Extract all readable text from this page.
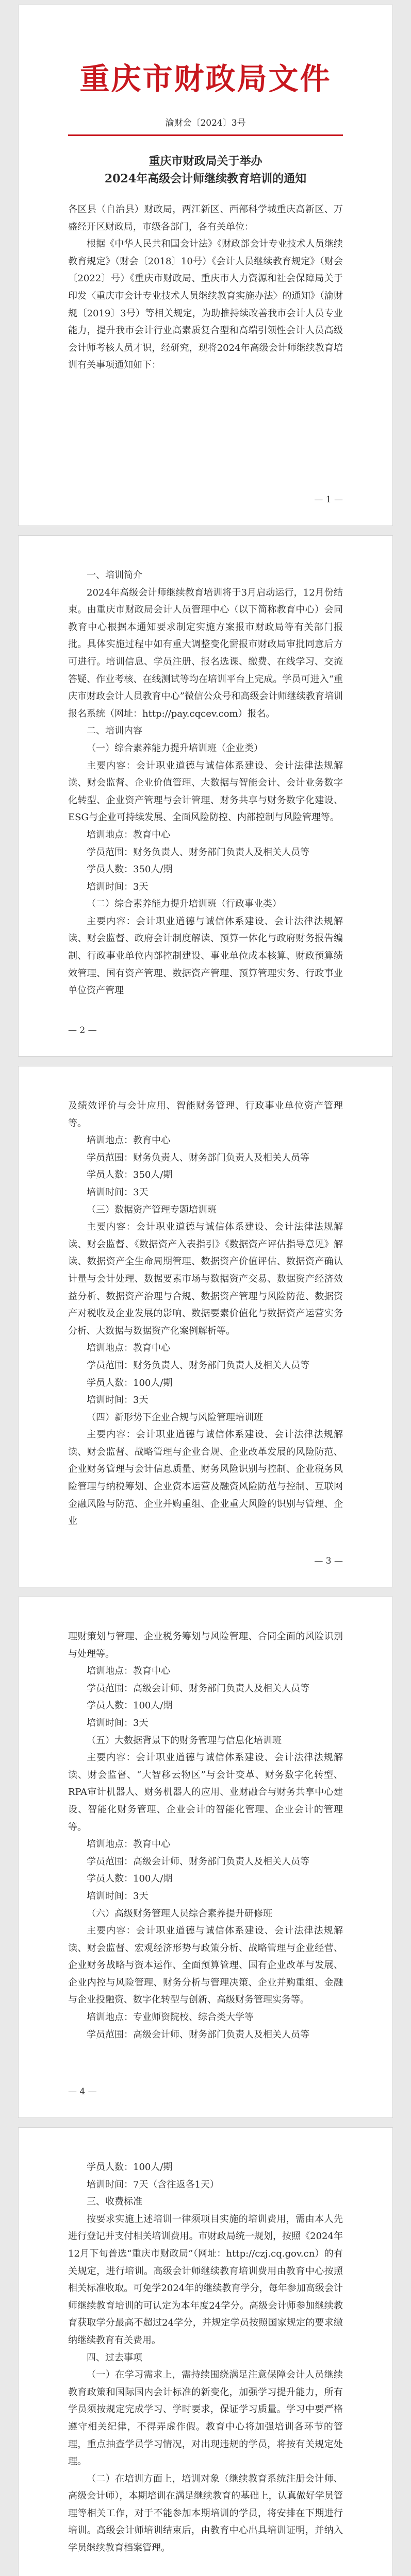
重庆市财政局文件
渝财会〔2024〕3号
重庆市财政局关于举办
2024年高级会计师继续教育培训的通知

各区县（自治县）财政局，两江新区、西部科学城重庆高新区、万盛经开区财政局，市级各部门，各有关单位：

根据《中华人民共和国会计法》《财政部会计专业技术人员继续教育规定》（财会〔2018〕10号）《会计人员继续教育规定》（财会〔2022〕号）《重庆市财政局、重庆市人力资源和社会保障局关于印发〈重庆市会计专业技术人员继续教育实施办法〉的通知》（渝财规〔2019〕3号）等相关规定，为助推持续改善我市会计人员专业能力，提升我市会计行业高素质复合型和高端引领性会计人员高级会计师考核人员才识，经研究，现将2024年高级会计师继续教育培训有关事项通知如下：

— 1 —

一、培训简介

2024年高级会计师继续教育培训将于3月启动运行，12月份结束。由重庆市财政局会计人员管理中心（以下简称教育中心）会同教育中心根据本通知要求制定实施方案报市财政局等有关部门报批。具体实施过程中如有重大调整变化需报市财政局审批同意后方可进行。培训信息、学员注册、报名选课、缴费、在线学习、交流答疑、作业考核、在线测试等均在培训平台上完成。学员可进入“重庆市财政会计人员教育中心”微信公众号和高级会计师继续教育培训报名系统（网址：http://pay.cqcev.com）报名。

二、培训内容

（一）综合素养能力提升培训班（企业类）

主要内容：会计职业道德与诚信体系建设、会计法律法规解读、财会监督、企业价值管理、大数据与智能会计、会计业务数字化转型、企业资产管理与会计管理、财务共享与财务数字化建设、ESG与企业可持续发展、全面风险防控、内部控制与风险管理等。

培训地点：教育中心

学员范围：财务负责人、财务部门负责人及相关人员等

学员人数：350人/期

培训时间：3天

（二）综合素养能力提升培训班（行政事业类）

主要内容：会计职业道德与诚信体系建设、会计法律法规解读、财会监督、政府会计制度解读、预算一体化与政府财务报告编制、行政事业单位内部控制建设、事业单位成本核算、财政预算绩效管理、国有资产管理、数据资产管理、预算管理实务、行政事业单位资产管理

— 2 —

及绩效评价与会计应用、智能财务管理、行政事业单位资产管理等。

培训地点：教育中心

学员范围：财务负责人、财务部门负责人及相关人员等

学员人数：350人/期

培训时间：3天

（三）数据资产管理专题培训班

主要内容：会计职业道德与诚信体系建设、会计法律法规解读、财会监督、《数据资产入表指引》《数据资产评估指导意见》解读、数据资产全生命周期管理、数据资产价值评估、数据资产确认计量与会计处理、数据要素市场与数据资产交易、数据资产经济效益分析、数据资产治理与合规、数据资产管理与风险防范、数据资产对税收及企业发展的影响、数据要素价值化与数据资产运营实务分析、大数据与数据资产化案例解析等。

培训地点：教育中心

学员范围：财务负责人、财务部门负责人及相关人员等

学员人数：100人/期

培训时间：3天

（四）新形势下企业合规与风险管理培训班

主要内容：会计职业道德与诚信体系建设、会计法律法规解读、财会监督、战略管理与企业合规、企业改革发展的风险防范、企业财务管理与会计信息质量、财务风险识别与控制、企业税务风险管理与纳税筹划、企业资本运营及融资风险防范与控制、互联网金融风险与防范、企业并购重组、企业重大风险的识别与管理、企业

— 3 —

理财策划与管理、企业税务筹划与风险管理、合同全面的风险识别与处理等。

培训地点：教育中心

学员范围：高级会计师、财务部门负责人及相关人员等

学员人数：100人/期

培训时间：3天

（五）大数据背景下的财务管理与信息化培训班

主要内容：会计职业道德与诚信体系建设、会计法律法规解读、财会监督、“大智移云物区”与会计变革、财务数字化转型、RPA审计机器人、财务机器人的应用、业财融合与财务共享中心建设、智能化财务管理、企业会计的智能化管理、企业会计的管理等。

培训地点：教育中心

学员范围：高级会计师、财务部门负责人及相关人员等

学员人数：100人/期

培训时间：3天

（六）高级财务管理人员综合素养提升研修班

主要内容：会计职业道德与诚信体系建设、会计法律法规解读、财会监督、宏观经济形势与政策分析、战略管理与企业经营、企业财务战略与资本运作、全面预算管理、国有企业改革与发展、企业内控与风险管理、财务分析与管理决策、企业并购重组、金融与企业投融资、数字化转型与创新、高级财务管理实务等。

培训地点：专业师资院校、综合类大学等

学员范围：高级会计师、财务部门负责人及相关人员等

— 4 —

学员人数：100人/期

培训时间：7天（含往返各1天）

三、收费标准

按要求实施上述培训一律须项目实施的培训费用，需由本人先进行登记并支付相关培训费用。市财政局统一规划，按照《2024年12月下旬普选“重庆市财政局”（网址：http://czj.cq.gov.cn）的有关规定，进行培训。高级会计师继续教育培训费用由教育中心按照相关标准收取。可免学2024年的继续教育学分，每年参加高级会计师继续教育培训的可认定为本年度24学分。高级会计师参加继续教育获取学分最高不超过24学分，并规定学员按照国家规定的要求缴纳继续教育有关费用。

四、过去事项

（一）在学习需求上，需持续围绕满足注意保障会计人员继续教育政策和国际国内会计标准的新变化，加强学习提升能力，所有学员须按规定完成学习、学时要求，保证学习质量。学习中要严格遵守相关纪律，不得弄虚作假。教育中心将加强培训各环节的管理，重点抽查学员学习情况，对出现违规的学员，将按有关规定处理。

（二）在培训方面上，培训对象（继续教育系统注册会计师、高级会计师），本期培训在满足继续教育的基础上，认真做好学员管理等相关工作，对于不能参加本期培训的学员，将安排在下期进行培训。高级会计师培训结束后，由教育中心出具培训证明，并纳入学员继续教育档案管理。
